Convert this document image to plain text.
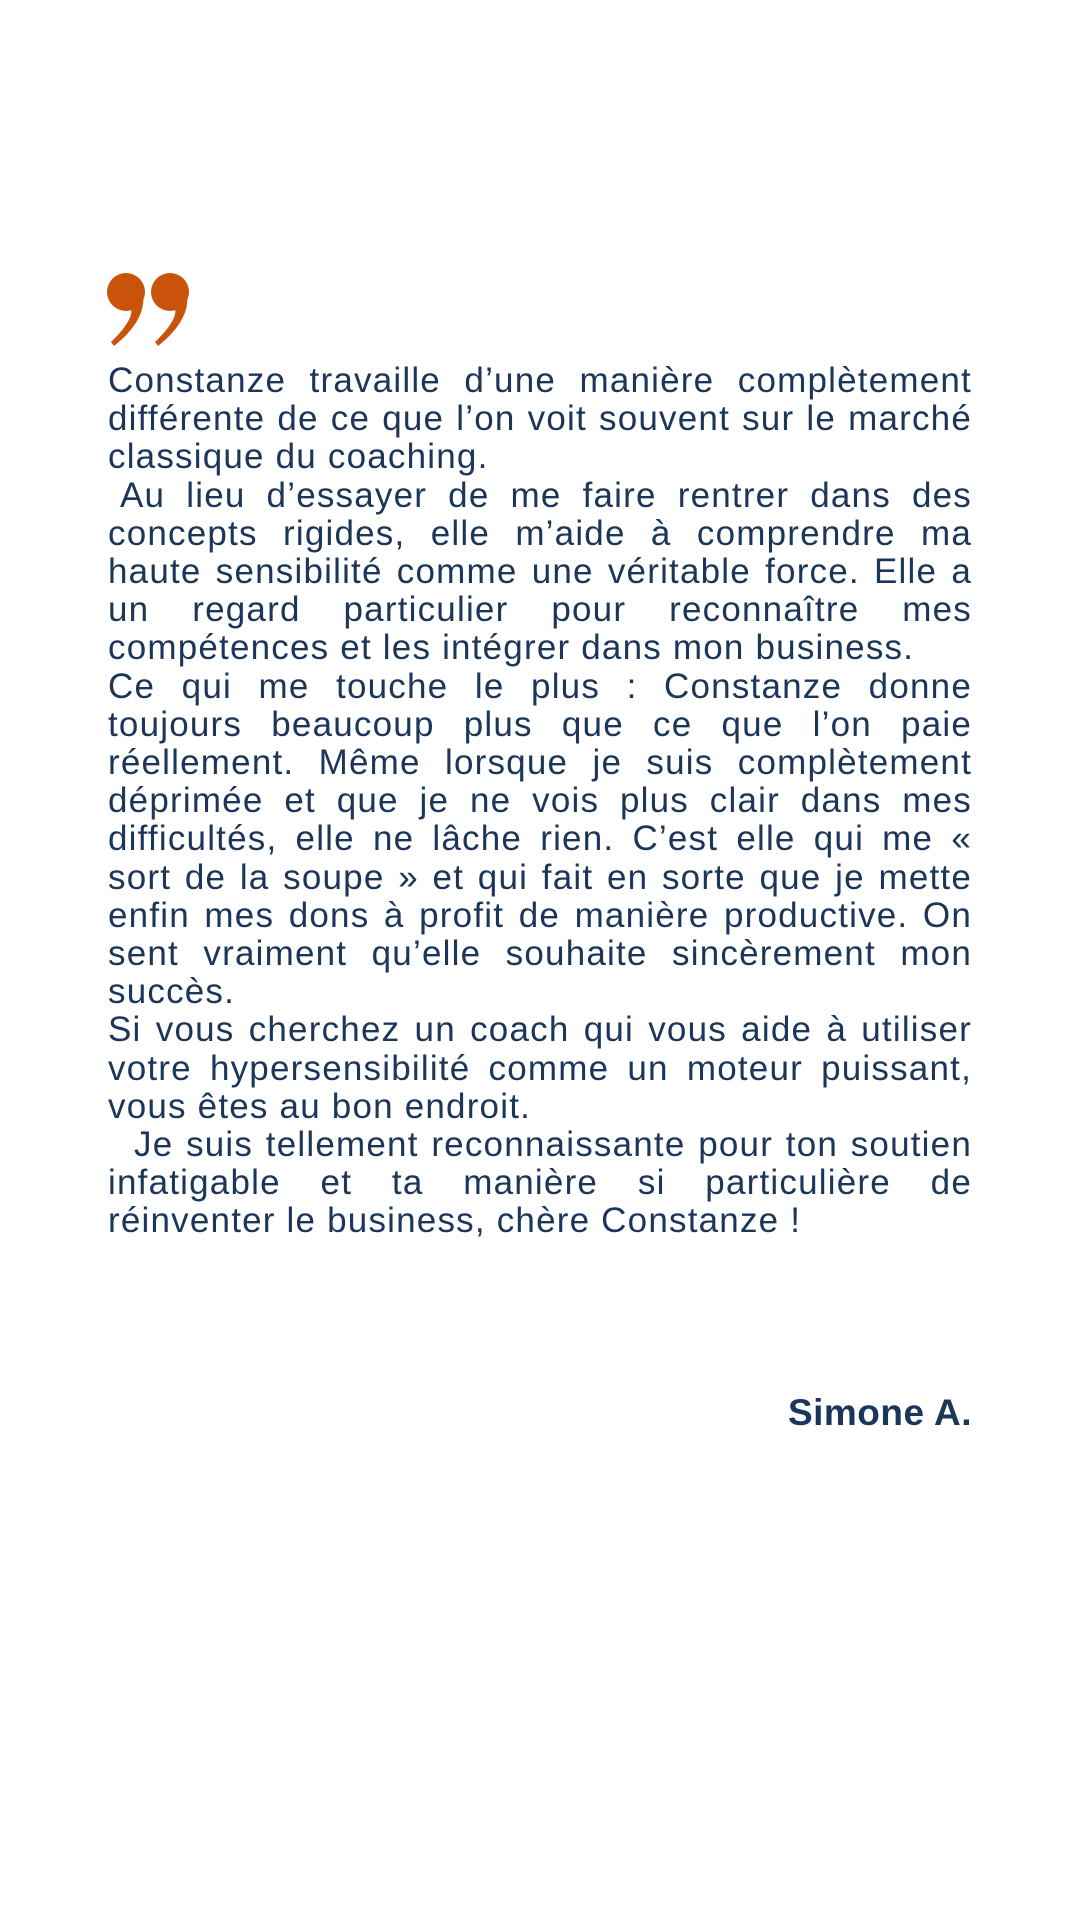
Constanze travaille d’une manière complètement différente de ce que l’on voit souvent sur le marché classique du coaching.

Au lieu d’essayer de me faire rentrer dans des concepts rigides, elle m’aide à comprendre ma haute sensibilité comme une véritable force. Elle a un regard particulier pour reconnaître mes compétences et les intégrer dans mon business.

Ce qui me touche le plus : Constanze donne toujours beaucoup plus que ce que l’on paie réellement. Même lorsque je suis complètement déprimée et que je ne vois plus clair dans mes difficultés, elle ne lâche rien. C’est elle qui me « sort de la soupe » et qui fait en sorte que je mette enfin mes dons à profit de manière productive. On sent vraiment qu’elle souhaite sincèrement mon succès.

Si vous cherchez un coach qui vous aide à utiliser votre hypersensibilité comme un moteur puissant, vous êtes au bon endroit.

Je suis tellement reconnaissante pour ton soutien infatigable et ta manière si particulière de réinventer le business, chère Constanze !

Simone A.
